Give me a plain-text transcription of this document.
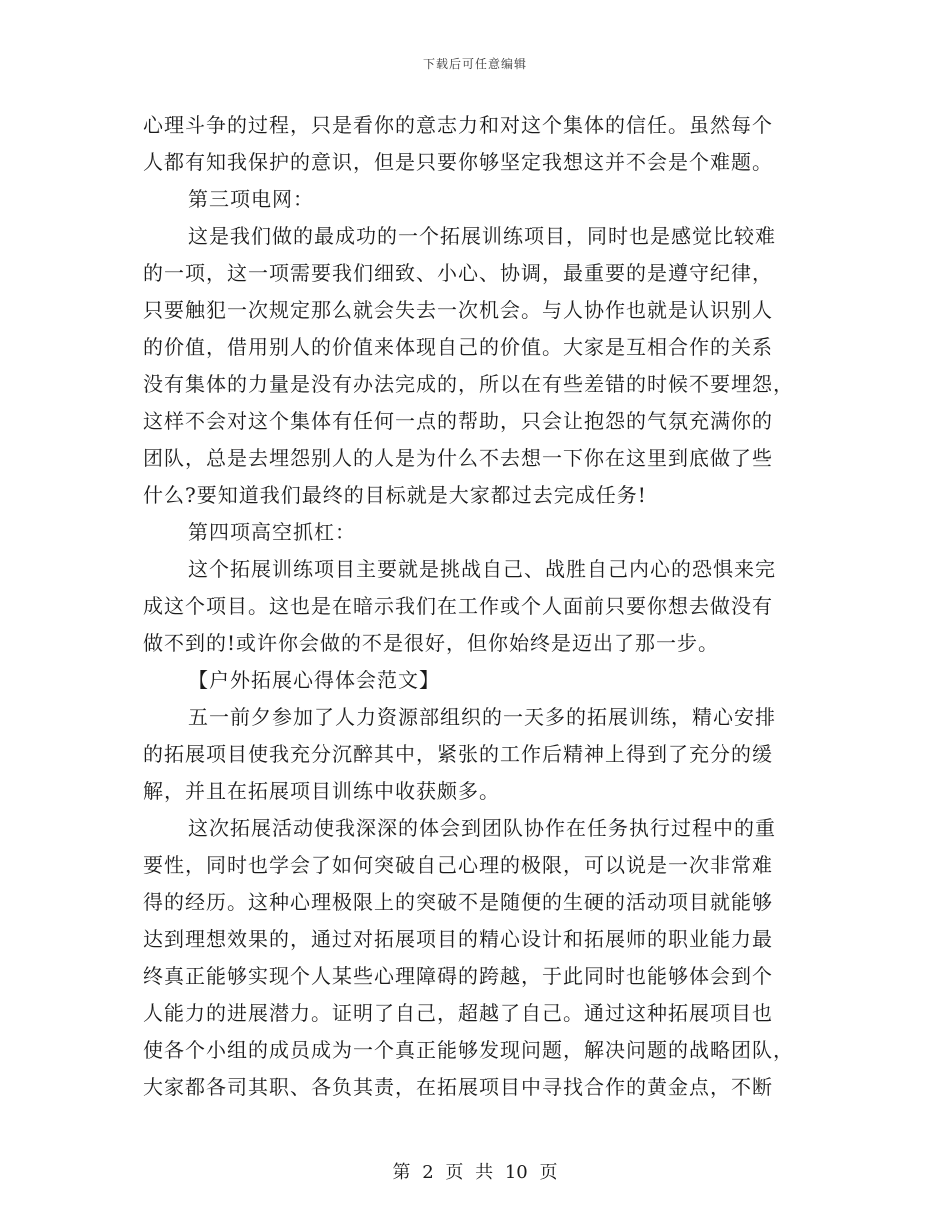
下载后可任意编辑
心理斗争的过程，只是看你的意志力和对这个集体的信任。虽然每个
人都有知我保护的意识，但是只要你够坚定我想这并不会是个难题。
第三项电网：
这是我们做的最成功的一个拓展训练项目，同时也是感觉比较难
的一项，这一项需要我们细致、小心、协调，最重要的是遵守纪律，
只要触犯一次规定那么就会失去一次机会。与人协作也就是认识别人
的价值，借用别人的价值来体现自己的价值。大家是互相合作的关系
没有集体的力量是没有办法完成的，所以在有些差错的时候不要埋怨，
这样不会对这个集体有任何一点的帮助，只会让抱怨的气氛充满你的
团队，总是去埋怨别人的人是为什么不去想一下你在这里到底做了些
什么?要知道我们最终的目标就是大家都过去完成任务!
第四项高空抓杠：
这个拓展训练项目主要就是挑战自己、战胜自己内心的恐惧来完
成这个项目。这也是在暗示我们在工作或个人面前只要你想去做没有
做不到的!或许你会做的不是很好，但你始终是迈出了那一步。
【户外拓展心得体会范文】
五一前夕参加了人力资源部组织的一天多的拓展训练，精心安排
的拓展项目使我充分沉醉其中，紧张的工作后精神上得到了充分的缓
解，并且在拓展项目训练中收获颇多。
这次拓展活动使我深深的体会到团队协作在任务执行过程中的重
要性，同时也学会了如何突破自己心理的极限，可以说是一次非常难
得的经历。这种心理极限上的突破不是随便的生硬的活动项目就能够
达到理想效果的，通过对拓展项目的精心设计和拓展师的职业能力最
终真正能够实现个人某些心理障碍的跨越，于此同时也能够体会到个
人能力的进展潜力。证明了自己，超越了自己。通过这种拓展项目也
使各个小组的成员成为一个真正能够发现问题，解决问题的战略团队，
大家都各司其职、各负其责，在拓展项目中寻找合作的黄金点，不断
第 2 页 共 10 页
